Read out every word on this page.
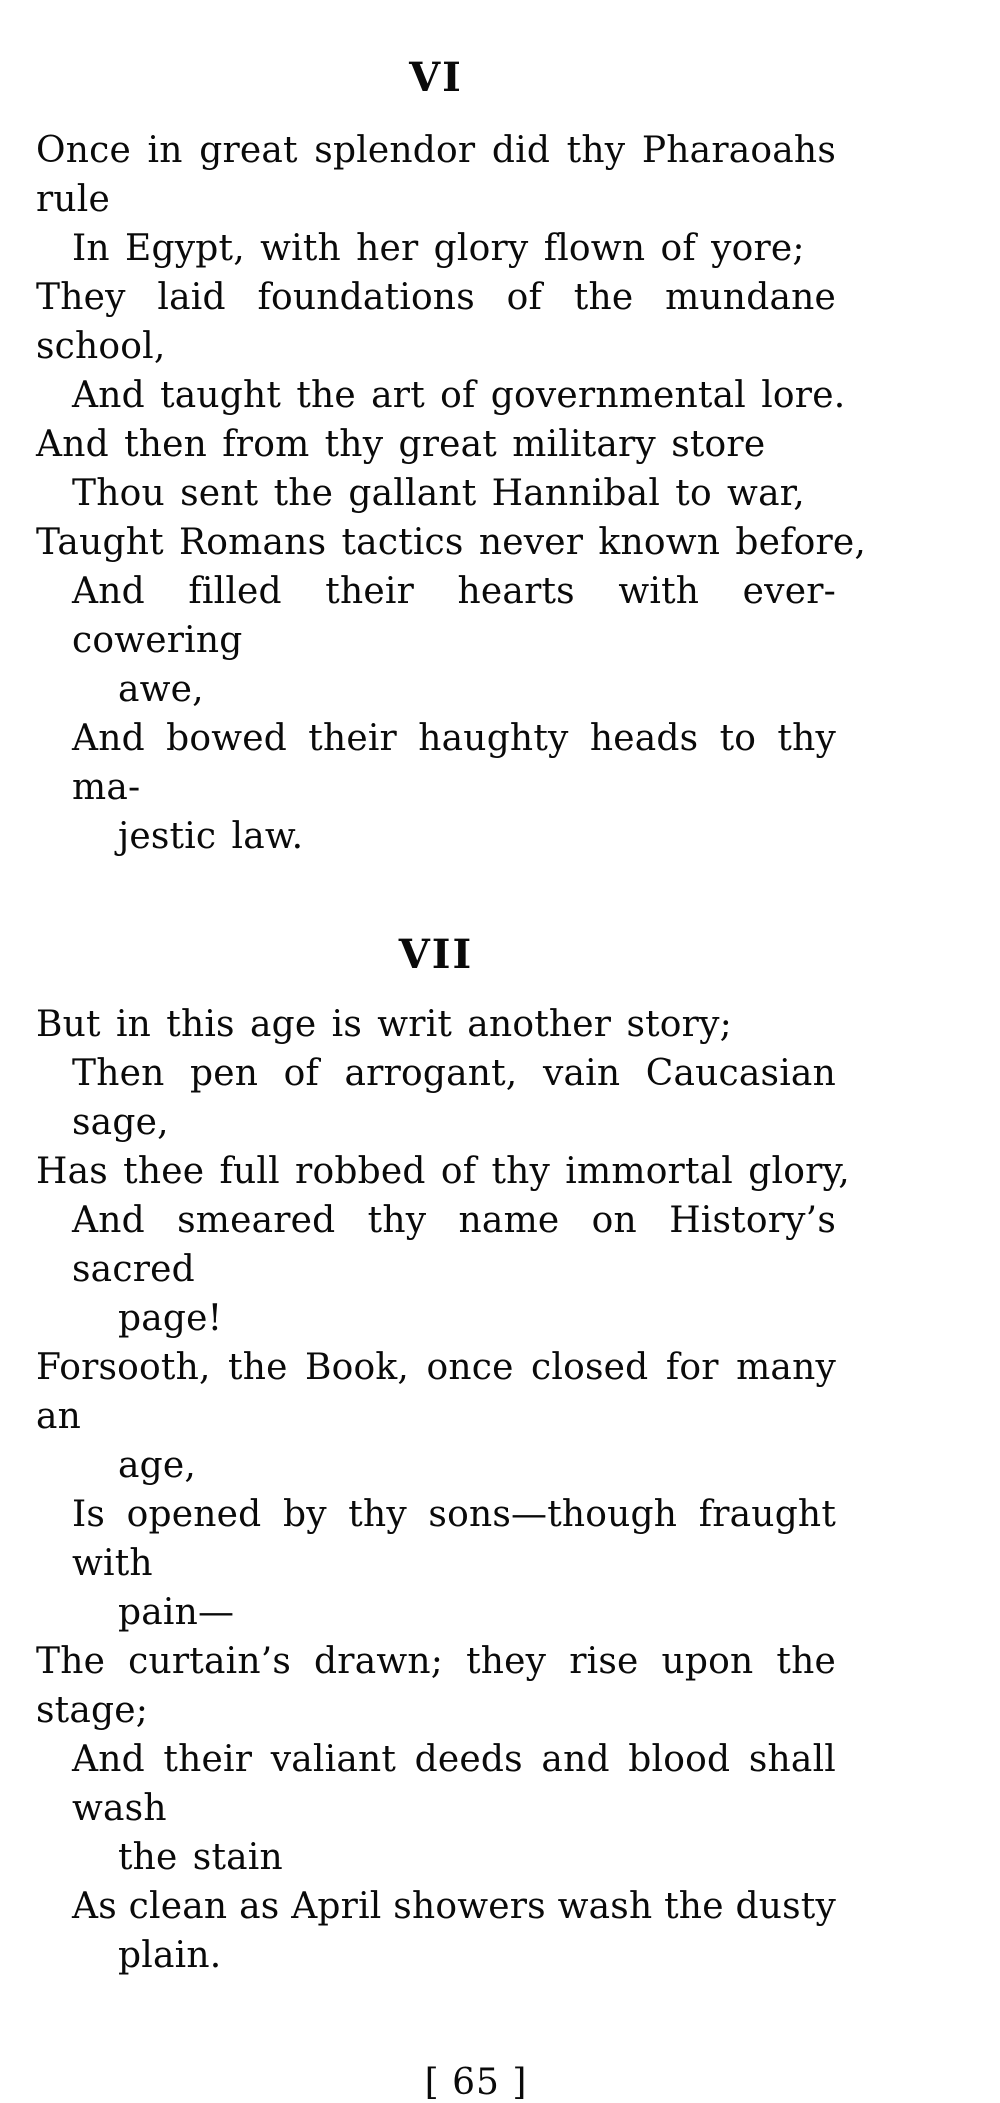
VI
Once in great splendor did thy Pharaoahs rule
In Egypt, with her glory flown of yore;
They laid foundations of the mundane school,
And taught the art of governmental lore.
And then from thy great military store
Thou sent the gallant Hannibal to war,
Taught Romans tactics never known before,
And filled their hearts with ever-cowering
awe,
And bowed their haughty heads to thy ma-
jestic law.
VII
But in this age is writ another story;
Then pen of arrogant, vain Caucasian sage,
Has thee full robbed of thy immortal glory,
And smeared thy name on History’s sacred
page!
Forsooth, the Book, once closed for many an
age,
Is opened by thy sons—though fraught with
pain—
The curtain’s drawn; they rise upon the stage;
And their valiant deeds and blood shall wash
the stain
As clean as April showers wash the dusty
plain.
[ 65 ]
